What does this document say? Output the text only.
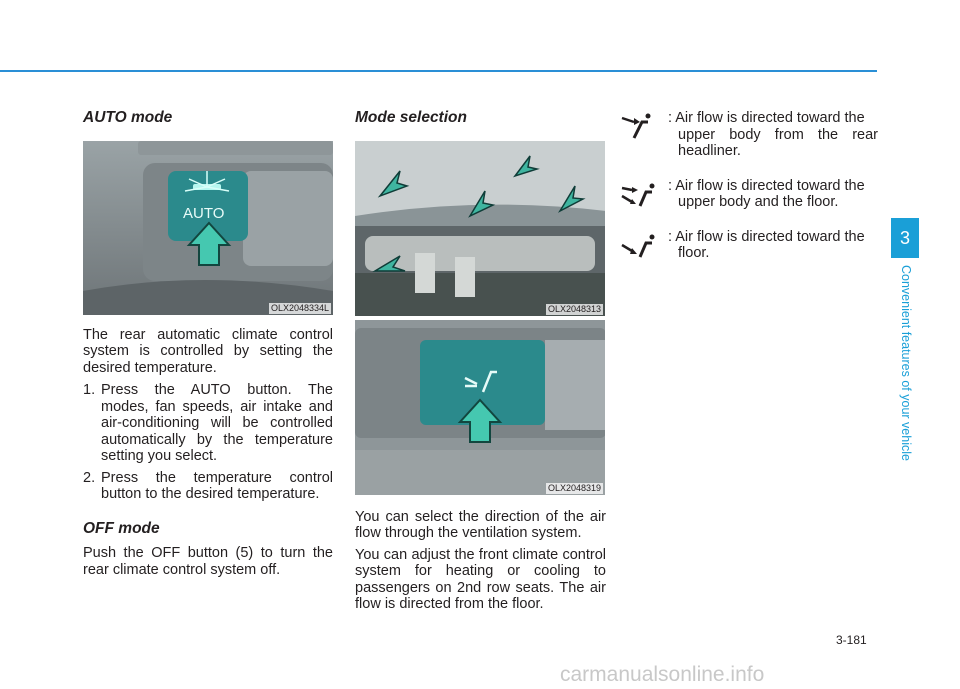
AUTO mode
AUTO
OLX2048334L

The rear automatic climate control system is controlled by setting the desired temperature.

1. Press the AUTO button. The modes, fan speeds, air intake and air-conditioning will be controlled automatically by the temperature setting you select.
2. Press the temperature control button to the desired temperature.
OFF mode

Push the OFF button (5) to turn the rear climate control system off.

Mode selection
OLX2048313
OLX2048319

You can select the direction of the air flow through the ventilation system.

You can adjust the front climate control system for heating or cooling to passengers on 2nd row seats. The air flow is directed from the floor.

: Air flow is directed toward the
upper body from the rear headliner.
: Air flow is directed toward the
upper body and the floor.
: Air flow is directed toward the
floor.
3
Convenient features of your vehicle
3-181
carmanualsonline.info
